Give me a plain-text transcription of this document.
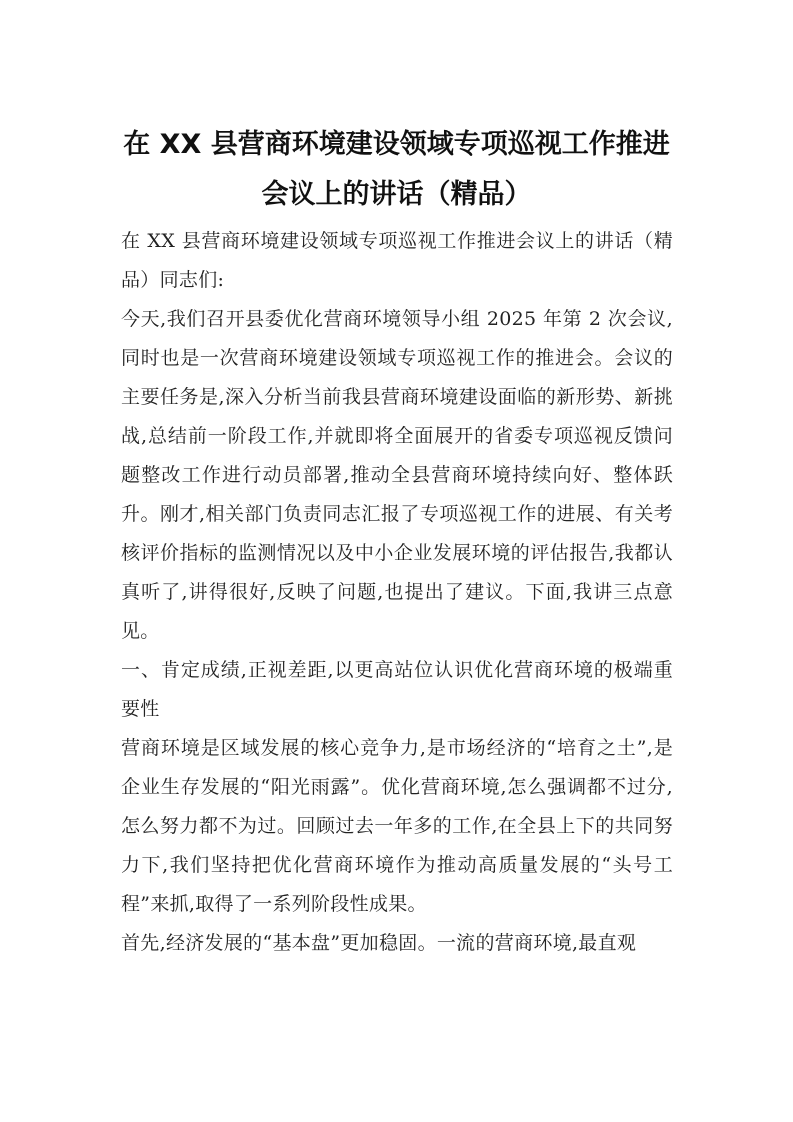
在 XX 县营商环境建设领域专项巡视工作推进会议上的讲话（精品）

在 XX 县营商环境建设领域专项巡视工作推进会议上的讲话（精品）同志们:

今天,我们召开县委优化营商环境领导小组 2025 年第 2 次会议,同时也是一次营商环境建设领域专项巡视工作的推进会。会议的主要任务是,深入分析当前我县营商环境建设面临的新形势、新挑战,总结前一阶段工作,并就即将全面展开的省委专项巡视反馈问题整改工作进行动员部署,推动全县营商环境持续向好、整体跃升。刚才,相关部门负责同志汇报了专项巡视工作的进展、有关考核评价指标的监测情况以及中小企业发展环境的评估报告,我都认真听了,讲得很好,反映了问题,也提出了建议。下面,我讲三点意见。

一、肯定成绩,正视差距,以更高站位认识优化营商环境的极端重要性

营商环境是区域发展的核心竞争力,是市场经济的“培育之土”,是企业生存发展的“阳光雨露”。优化营商环境,怎么强调都不过分,怎么努力都不为过。回顾过去一年多的工作,在全县上下的共同努力下,我们坚持把优化营商环境作为推动高质量发展的“头号工程”来抓,取得了一系列阶段性成果。

首先,经济发展的“基本盘”更加稳固。一流的营商环境,最直观
